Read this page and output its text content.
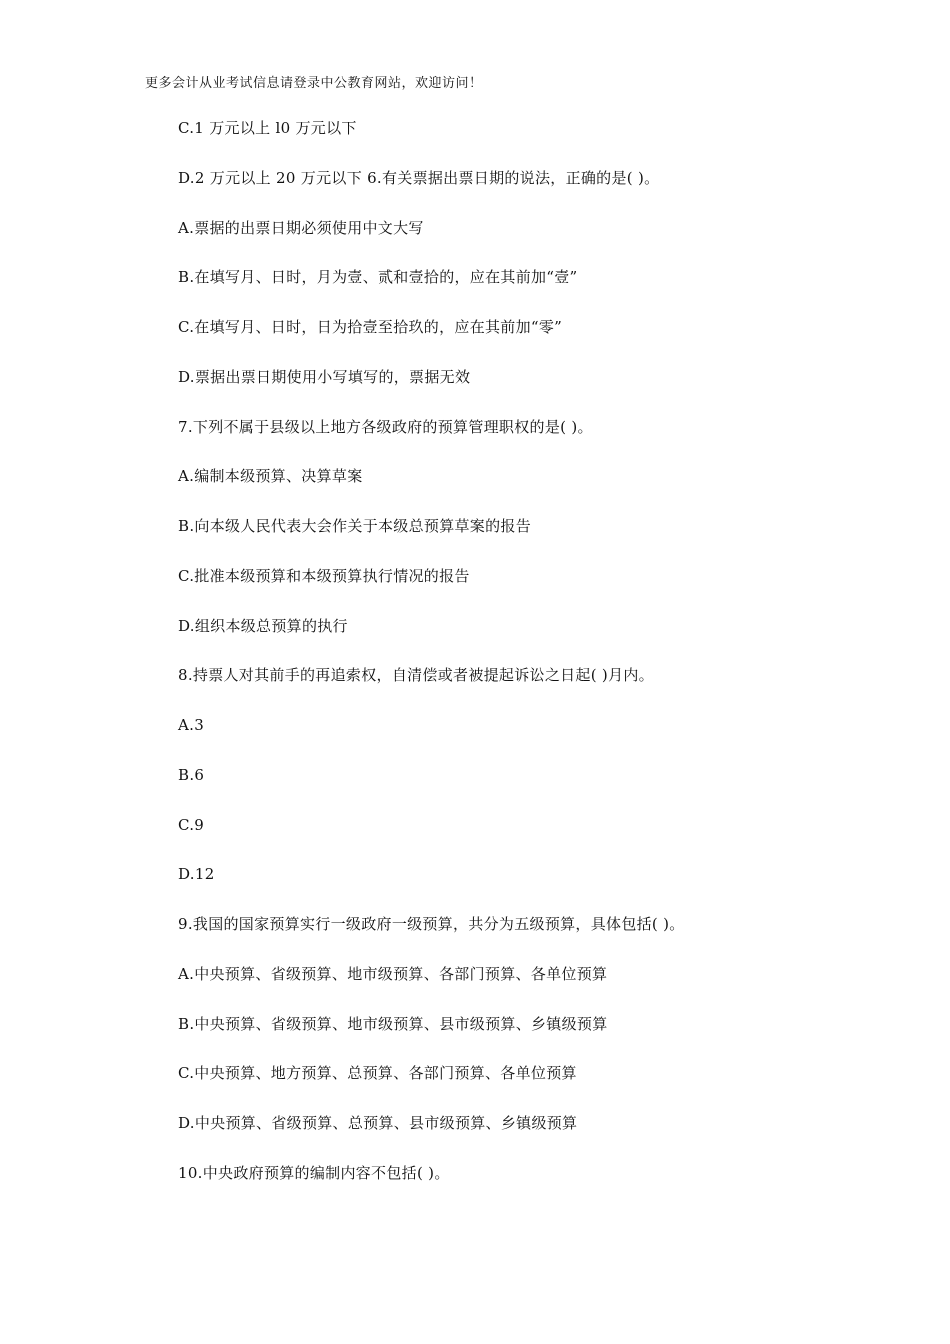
更多会计从业考试信息请登录中公教育网站，欢迎访问！
C.1 万元以上 l0 万元以下
D.2 万元以上 20 万元以下 6.有关票据出票日期的说法，正确的是( )。
A.票据的出票日期必须使用中文大写
B.在填写月、日时，月为壹、贰和壹拾的，应在其前加“壹”
C.在填写月、日时，日为拾壹至拾玖的，应在其前加“零”
D.票据出票日期使用小写填写的，票据无效
7.下列不属于县级以上地方各级政府的预算管理职权的是( )。
A.编制本级预算、决算草案
B.向本级人民代表大会作关于本级总预算草案的报告
C.批准本级预算和本级预算执行情况的报告
D.组织本级总预算的执行
8.持票人对其前手的再追索权，自清偿或者被提起诉讼之日起( )月内。
A.3
B.6
C.9
D.12
9.我国的国家预算实行一级政府一级预算，共分为五级预算，具体包括( )。
A.中央预算、省级预算、地市级预算、各部门预算、各单位预算
B.中央预算、省级预算、地市级预算、县市级预算、乡镇级预算
C.中央预算、地方预算、总预算、各部门预算、各单位预算
D.中央预算、省级预算、总预算、县市级预算、乡镇级预算
10.中央政府预算的编制内容不包括( )。
